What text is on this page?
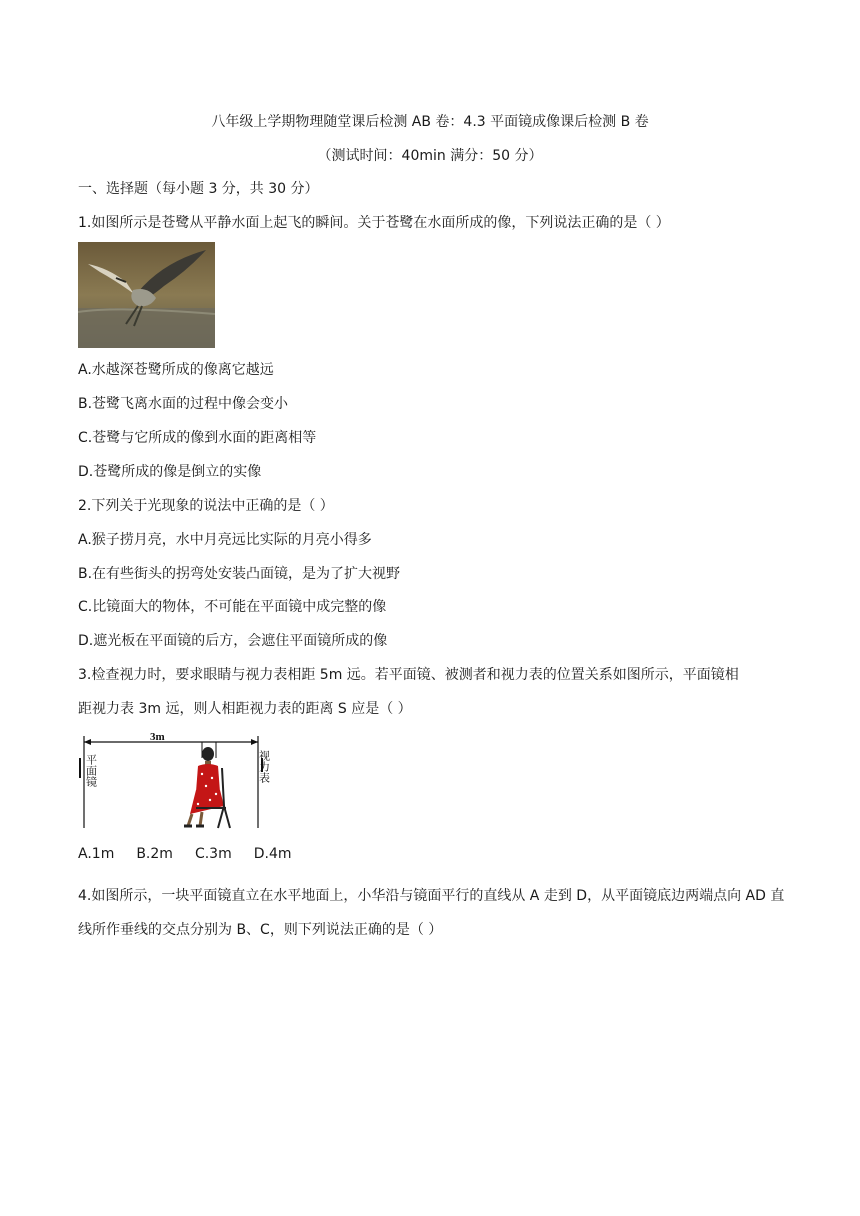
八年级上学期物理随堂课后检测 AB 卷：4.3 平面镜成像课后检测 B 卷
（测试时间：40min 满分：50 分）
一、选择题（每小题 3 分，共 30 分）
1.如图所示是苍鹭从平静水面上起飞的瞬间。关于苍鹭在水面所成的像，下列说法正确的是（ ）
A.水越深苍鹭所成的像离它越远
B.苍鹭飞离水面的过程中像会变小
C.苍鹭与它所成的像到水面的距离相等
D.苍鹭所成的像是倒立的实像
2.下列关于光现象的说法中正确的是（ ）
A.猴子捞月亮，水中月亮远比实际的月亮小得多
B.在有些街头的拐弯处安装凸面镜，是为了扩大视野
C.比镜面大的物体，不可能在平面镜中成完整的像
D.遮光板在平面镜的后方，会遮住平面镜所成的像
3.检查视力时，要求眼睛与视力表相距 5m 远。若平面镜、被测者和视力表的位置关系如图所示，平面镜相
距视力表 3m 远，则人相距视力表的距离 S 应是（ ）
3m
平面镜	视力表
A.1m B.2m C.3m D.4m
4.如图所示，一块平面镜直立在水平地面上，小华沿与镜面平行的直线从 A 走到 D，从平面镜底边两端点向 AD 直线所作垂线的交点分别为 B、C，则下列说法正确的是（ ）
